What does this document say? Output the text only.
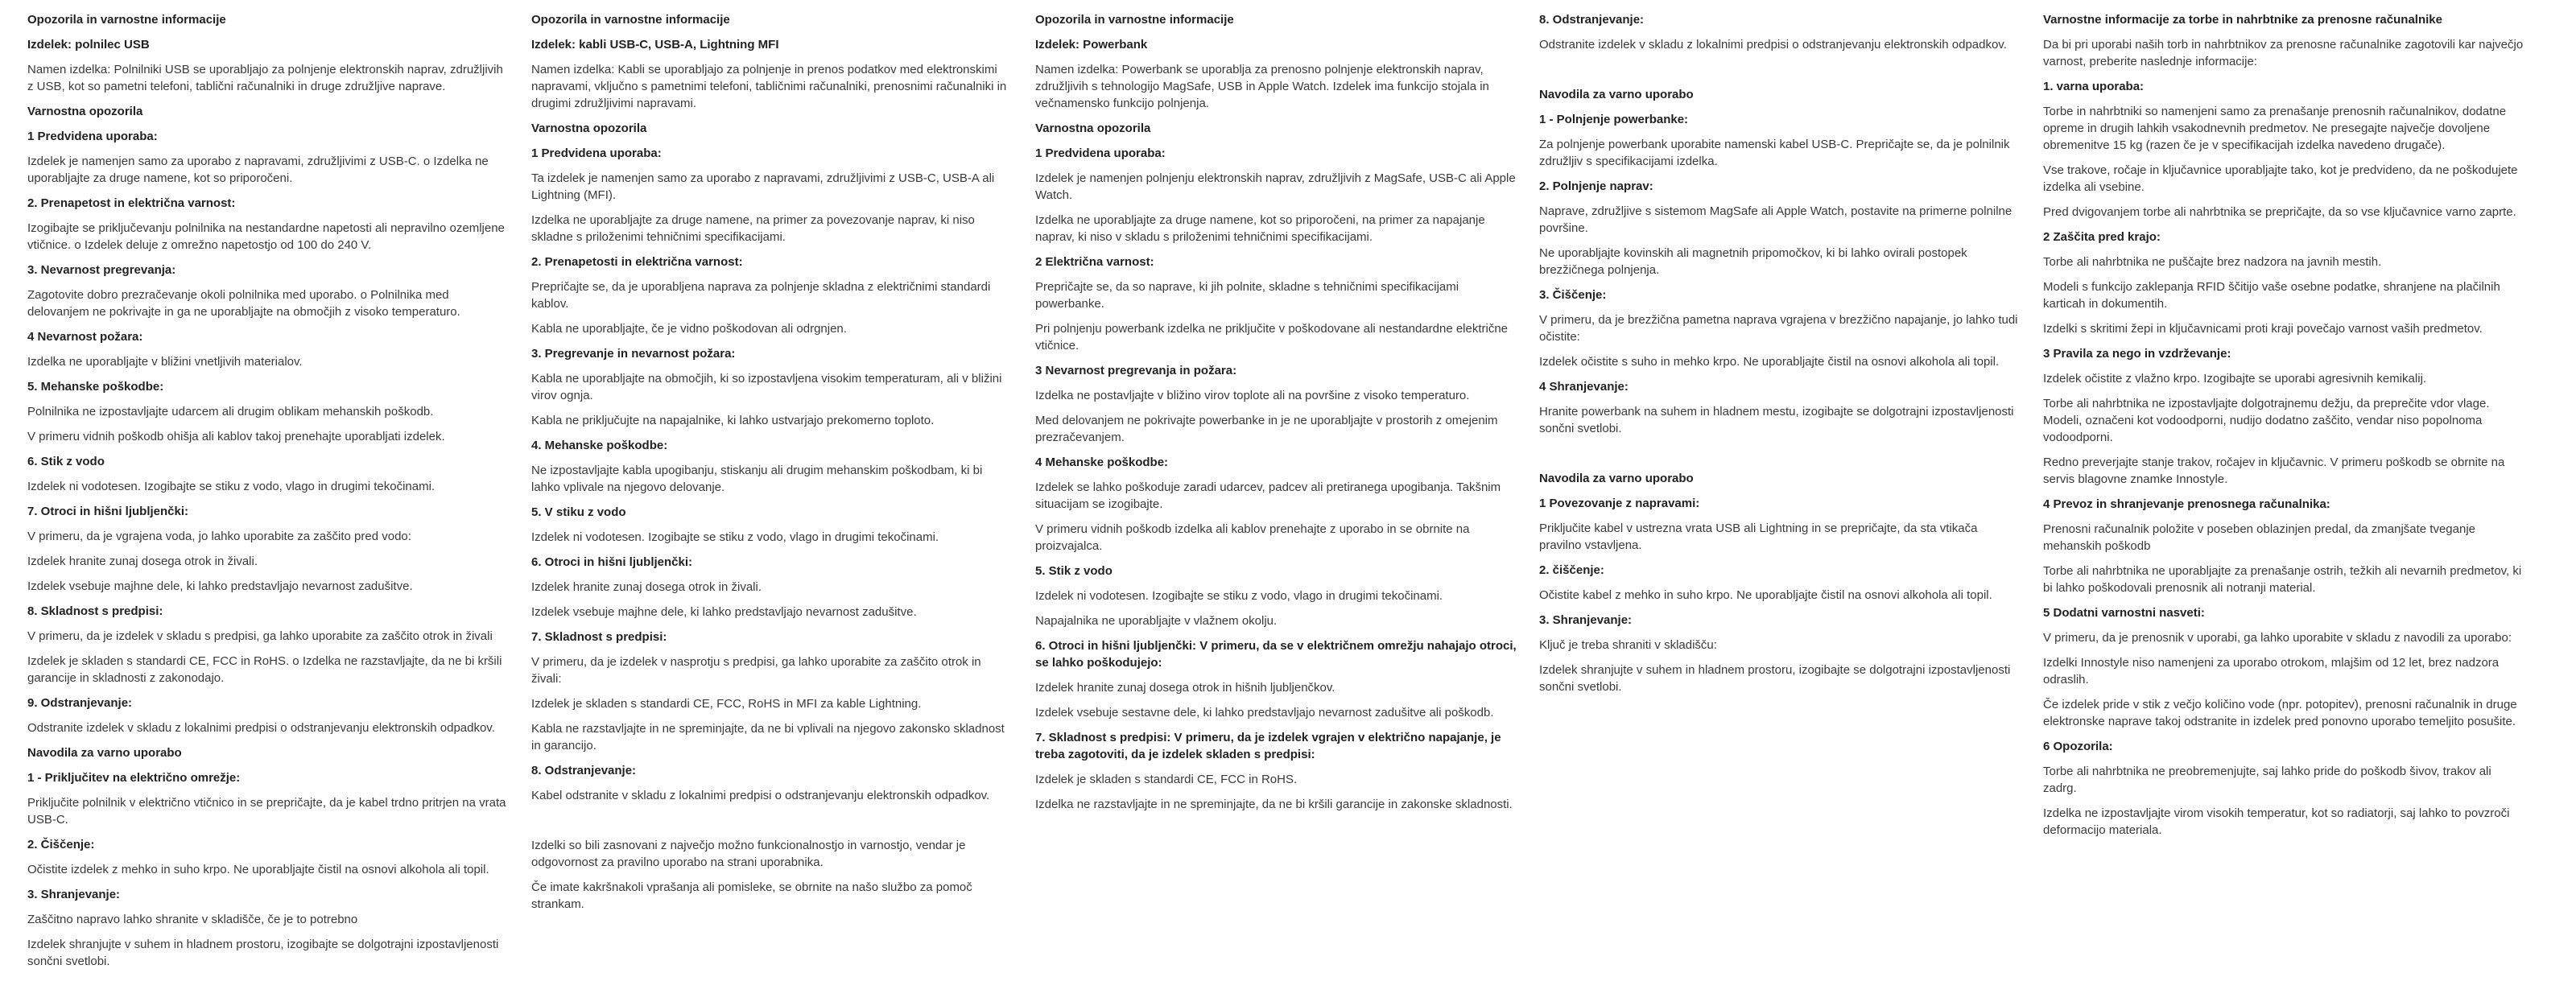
Opozorila in varnostne informacije
Izdelek: polnilec USB
Namen izdelka: Polnilniki USB se uporabljajo za polnjenje elektronskih naprav, združljivih z USB, kot so pametni telefoni, tablični računalniki in druge združljive naprave.
Varnostna opozorila
1 Predvidena uporaba:
Izdelek je namenjen samo za uporabo z napravami, združljivimi z USB-C. o Izdelka ne uporabljajte za druge namene, kot so priporočeni.
2. Prenapetost in električna varnost:
Izogibajte se priključevanju polnilnika na nestandardne napetosti ali nepravilno ozemljene vtičnice. o Izdelek deluje z omrežno napetostjo od 100 do 240 V.
3. Nevarnost pregrevanja:
Zagotovite dobro prezračevanje okoli polnilnika med uporabo. o Polnilnika med delovanjem ne pokrivajte in ga ne uporabljajte na območjih z visoko temperaturo.
4 Nevarnost požara:
Izdelka ne uporabljajte v bližini vnetljivih materialov.
5. Mehanske poškodbe:
Polnilnika ne izpostavljajte udarcem ali drugim oblikam mehanskih poškodb.
V primeru vidnih poškodb ohišja ali kablov takoj prenehajte uporabljati izdelek.
6. Stik z vodo
Izdelek ni vodotesen. Izogibajte se stiku z vodo, vlago in drugimi tekočinami.
7. Otroci in hišni ljubljenčki:
V primeru, da je vgrajena voda, jo lahko uporabite za zaščito pred vodo:
Izdelek hranite zunaj dosega otrok in živali.
Izdelek vsebuje majhne dele, ki lahko predstavljajo nevarnost zadušitve.
8. Skladnost s predpisi:
V primeru, da je izdelek v skladu s predpisi, ga lahko uporabite za zaščito otrok in živali
Izdelek je skladen s standardi CE, FCC in RoHS. o Izdelka ne razstavljajte, da ne bi kršili garancije in skladnosti z zakonodajo.
9. Odstranjevanje:
Odstranite izdelek v skladu z lokalnimi predpisi o odstranjevanju elektronskih odpadkov.
Navodila za varno uporabo
1 - Priključitev na električno omrežje:
Priključite polnilnik v električno vtičnico in se prepričajte, da je kabel trdno pritrjen na vrata USB-C.
2. Čiščenje:
Očistite izdelek z mehko in suho krpo. Ne uporabljajte čistil na osnovi alkohola ali topil.
3. Shranjevanje:
Zaščitno napravo lahko shranite v skladišče, če je to potrebno
Izdelek shranjujte v suhem in hladnem prostoru, izogibajte se dolgotrajni izpostavljenosti sončni svetlobi.
Opozorila in varnostne informacije
Izdelek: kabli USB-C, USB-A, Lightning MFI
Namen izdelka: Kabli se uporabljajo za polnjenje in prenos podatkov med elektronskimi napravami, vključno s pametnimi telefoni, tabličnimi računalniki, prenosnimi računalniki in drugimi združljivimi napravami.
Varnostna opozorila
1 Predvidena uporaba:
Ta izdelek je namenjen samo za uporabo z napravami, združljivimi z USB-C, USB-A ali Lightning (MFI).
Izdelka ne uporabljajte za druge namene, na primer za povezovanje naprav, ki niso skladne s priloženimi tehničnimi specifikacijami.
2. Prenapetosti in električna varnost:
Prepričajte se, da je uporabljena naprava za polnjenje skladna z električnimi standardi kablov.
Kabla ne uporabljajte, če je vidno poškodovan ali odrgnjen.
3. Pregrevanje in nevarnost požara:
Kabla ne uporabljajte na območjih, ki so izpostavljena visokim temperaturam, ali v bližini virov ognja.
Kabla ne priključujte na napajalnike, ki lahko ustvarjajo prekomerno toploto.
4. Mehanske poškodbe:
Ne izpostavljajte kabla upogibanju, stiskanju ali drugim mehanskim poškodbam, ki bi lahko vplivale na njegovo delovanje.
5. V stiku z vodo
Izdelek ni vodotesen. Izogibajte se stiku z vodo, vlago in drugimi tekočinami.
6. Otroci in hišni ljubljenčki:
Izdelek hranite zunaj dosega otrok in živali.
Izdelek vsebuje majhne dele, ki lahko predstavljajo nevarnost zadušitve.
7. Skladnost s predpisi:
V primeru, da je izdelek v nasprotju s predpisi, ga lahko uporabite za zaščito otrok in živali:
Izdelek je skladen s standardi CE, FCC, RoHS in MFI za kable Lightning.
Kabla ne razstavljajte in ne spreminjajte, da ne bi vplivali na njegovo zakonsko skladnost in garancijo.
8. Odstranjevanje:
Kabel odstranite v skladu z lokalnimi predpisi o odstranjevanju elektronskih odpadkov.
Izdelki so bili zasnovani z največjo možno funkcionalnostjo in varnostjo, vendar je odgovornost za pravilno uporabo na strani uporabnika.
Če imate kakršnakoli vprašanja ali pomisleke, se obrnite na našo službo za pomoč strankam.
Opozorila in varnostne informacije
Izdelek: Powerbank
Namen izdelka: Powerbank se uporablja za prenosno polnjenje elektronskih naprav, združljivih s tehnologijo MagSafe, USB in Apple Watch. Izdelek ima funkcijo stojala in večnamensko funkcijo polnjenja.
Varnostna opozorila
1 Predvidena uporaba:
Izdelek je namenjen polnjenju elektronskih naprav, združljivih z MagSafe, USB-C ali Apple Watch.
Izdelka ne uporabljajte za druge namene, kot so priporočeni, na primer za napajanje naprav, ki niso v skladu s priloženimi tehničnimi specifikacijami.
2 Električna varnost:
Prepričajte se, da so naprave, ki jih polnite, skladne s tehničnimi specifikacijami powerbanke.
Pri polnjenju powerbank izdelka ne priključite v poškodovane ali nestandardne električne vtičnice.
3 Nevarnost pregrevanja in požara:
Izdelka ne postavljajte v bližino virov toplote ali na površine z visoko temperaturo.
Med delovanjem ne pokrivajte powerbanke in je ne uporabljajte v prostorih z omejenim prezračevanjem.
4 Mehanske poškodbe:
Izdelek se lahko poškoduje zaradi udarcev, padcev ali pretiranega upogibanja. Takšnim situacijam se izogibajte.
V primeru vidnih poškodb izdelka ali kablov prenehajte z uporabo in se obrnite na proizvajalca.
5. Stik z vodo
Izdelek ni vodotesen. Izogibajte se stiku z vodo, vlago in drugimi tekočinami.
Napajalnika ne uporabljajte v vlažnem okolju.
6. Otroci in hišni ljubljenčki: V primeru, da se v električnem omrežju nahajajo otroci, se lahko poškodujejo:
Izdelek hranite zunaj dosega otrok in hišnih ljubljenčkov.
Izdelek vsebuje sestavne dele, ki lahko predstavljajo nevarnost zadušitve ali poškodb.
7. Skladnost s predpisi: V primeru, da je izdelek vgrajen v električno napajanje, je treba zagotoviti, da je izdelek skladen s predpisi:
Izdelek je skladen s standardi CE, FCC in RoHS.
Izdelka ne razstavljajte in ne spreminjajte, da ne bi kršili garancije in zakonske skladnosti.
8. Odstranjevanje:
Odstranite izdelek v skladu z lokalnimi predpisi o odstranjevanju elektronskih odpadkov.
Navodila za varno uporabo
1 - Polnjenje powerbanke:
Za polnjenje powerbank uporabite namenski kabel USB-C. Prepričajte se, da je polnilnik združljiv s specifikacijami izdelka.
2. Polnjenje naprav:
Naprave, združljive s sistemom MagSafe ali Apple Watch, postavite na primerne polnilne površine.
Ne uporabljajte kovinskih ali magnetnih pripomočkov, ki bi lahko ovirali postopek brezžičnega polnjenja.
3. Čiščenje:
V primeru, da je brezžična pametna naprava vgrajena v brezžično napajanje, jo lahko tudi očistite:
Izdelek očistite s suho in mehko krpo. Ne uporabljajte čistil na osnovi alkohola ali topil.
4 Shranjevanje:
Hranite powerbank na suhem in hladnem mestu, izogibajte se dolgotrajni izpostavljenosti sončni svetlobi.
Navodila za varno uporabo
1 Povezovanje z napravami:
Priključite kabel v ustrezna vrata USB ali Lightning in se prepričajte, da sta vtikača pravilno vstavljena.
2. čiščenje:
Očistite kabel z mehko in suho krpo. Ne uporabljajte čistil na osnovi alkohola ali topil.
3. Shranjevanje:
Ključ je treba shraniti v skladišču:
Izdelek shranjujte v suhem in hladnem prostoru, izogibajte se dolgotrajni izpostavljenosti sončni svetlobi.
Varnostne informacije za torbe in nahrbtnike za prenosne računalnike
Da bi pri uporabi naših torb in nahrbtnikov za prenosne računalnike zagotovili kar največjo varnost, preberite naslednje informacije:
1. varna uporaba:
Torbe in nahrbtniki so namenjeni samo za prenašanje prenosnih računalnikov, dodatne opreme in drugih lahkih vsakodnevnih predmetov. Ne presegajte največje dovoljene obremenitve 15 kg (razen če je v specifikacijah izdelka navedeno drugače).
Vse trakove, ročaje in ključavnice uporabljajte tako, kot je predvideno, da ne poškodujete izdelka ali vsebine.
Pred dvigovanjem torbe ali nahrbtnika se prepričajte, da so vse ključavnice varno zaprte.
2 Zaščita pred krajo:
Torbe ali nahrbtnika ne puščajte brez nadzora na javnih mestih.
Modeli s funkcijo zaklepanja RFID ščitijo vaše osebne podatke, shranjene na plačilnih karticah in dokumentih.
Izdelki s skritimi žepi in ključavnicami proti kraji povečajo varnost vaših predmetov.
3 Pravila za nego in vzdrževanje:
Izdelek očistite z vlažno krpo. Izogibajte se uporabi agresivnih kemikalij.
Torbe ali nahrbtnika ne izpostavljajte dolgotrajnemu dežju, da preprečite vdor vlage. Modeli, označeni kot vodoodporni, nudijo dodatno zaščito, vendar niso popolnoma vodoodporni.
Redno preverjajte stanje trakov, ročajev in ključavnic. V primeru poškodb se obrnite na servis blagovne znamke Innostyle.
4 Prevoz in shranjevanje prenosnega računalnika:
Prenosni računalnik položite v poseben oblazinjen predal, da zmanjšate tveganje mehanskih poškodb
Torbe ali nahrbtnika ne uporabljajte za prenašanje ostrih, težkih ali nevarnih predmetov, ki bi lahko poškodovali prenosnik ali notranji material.
5 Dodatni varnostni nasveti:
V primeru, da je prenosnik v uporabi, ga lahko uporabite v skladu z navodili za uporabo:
Izdelki Innostyle niso namenjeni za uporabo otrokom, mlajšim od 12 let, brez nadzora odraslih.
Če izdelek pride v stik z večjo količino vode (npr. potopitev), prenosni računalnik in druge elektronske naprave takoj odstranite in izdelek pred ponovno uporabo temeljito posušite.
6 Opozorila:
Torbe ali nahrbtnika ne preobremenjujte, saj lahko pride do poškodb šivov, trakov ali zadrg.
Izdelka ne izpostavljajte virom visokih temperatur, kot so radiatorji, saj lahko to povzroči deformacijo materiala.
